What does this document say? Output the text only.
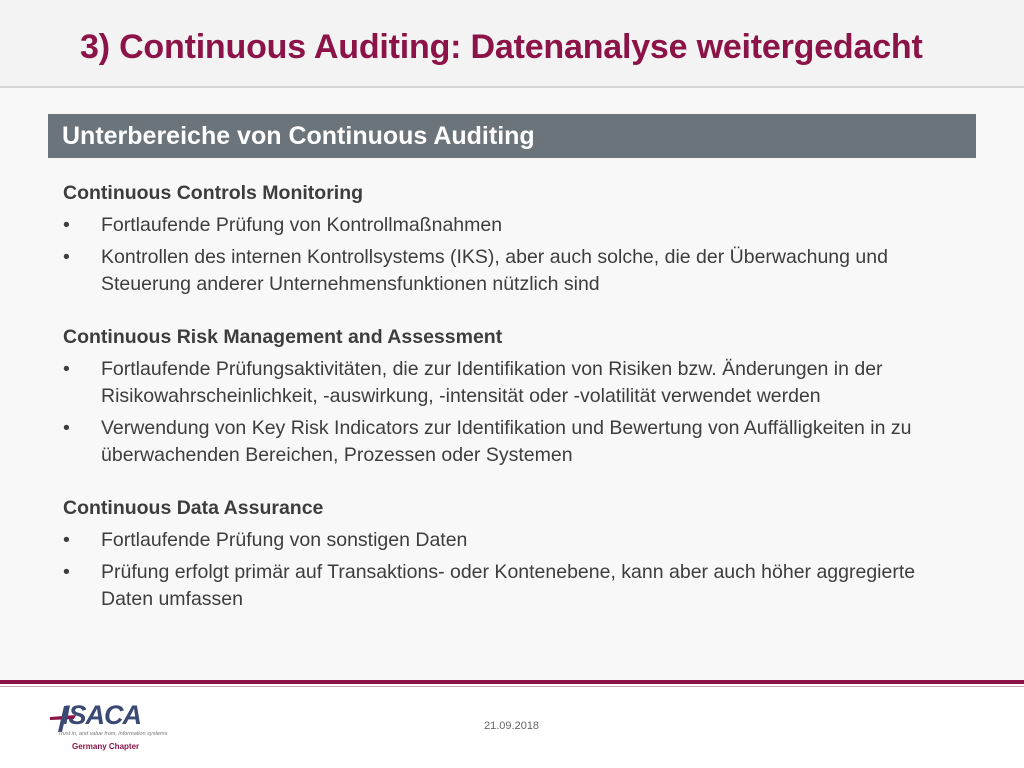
3) Continuous Auditing: Datenanalyse weitergedacht
Unterbereiche von Continuous Auditing
Continuous Controls Monitoring
• Fortlaufende Prüfung von Kontrollmaßnahmen
• Kontrollen des internen Kontrollsystems (IKS), aber auch solche, die der Überwachung und Steuerung anderer Unternehmensfunktionen nützlich sind
Continuous Risk Management and Assessment
• Fortlaufende Prüfungsaktivitäten, die zur Identifikation von Risiken bzw. Änderungen in der Risikowahrscheinlichkeit, -auswirkung, -intensität oder -volatilität verwendet werden
• Verwendung von Key Risk Indicators zur Identifikation und Bewertung von Auffälligkeiten in zu überwachenden Bereichen, Prozessen oder Systemen
Continuous Data Assurance
• Fortlaufende Prüfung von sonstigen Daten
• Prüfung erfolgt primär auf Transaktions- oder Kontenebene, kann aber auch höher aggregierte Daten umfassen
ISACA
Trust in, and value from, information systems
Germany Chapter
21.09.2018
